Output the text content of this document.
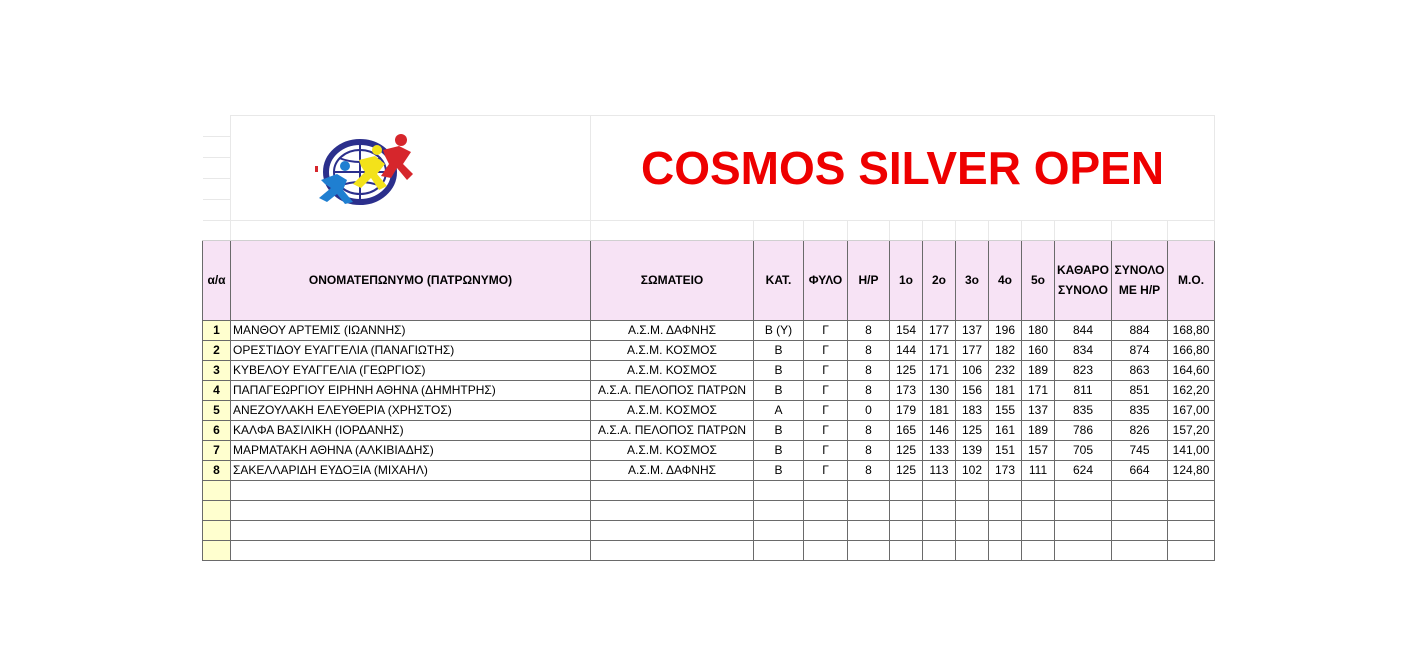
	COSMOS SILVER OPEN											

α/α	ΟΝΟΜΑΤΕΠΩΝΥΜΟ (ΠΑΤΡΩΝΥΜΟ)	ΣΩΜΑΤΕΙΟ	ΚΑΤ.	ΦΥΛΟ	Η/Ρ	1ο	2ο	3ο	4ο	5ο	ΚΑΘΑΡΟ ΣΥΝΟΛΟ	ΣΥΝΟΛΟ ΜΕ Η/Ρ	Μ.Ο.
1	ΜΑΝΘΟΥ ΑΡΤΕΜΙΣ (ΙΩΑΝΝΗΣ)	Α.Σ.Μ. ΔΑΦΝΗΣ	Β (Υ)	Γ	8	154	177	137	196	180	844	884	168,80
2	ΟΡΕΣΤΙΔΟΥ ΕΥΑΓΓΕΛΙΑ (ΠΑΝΑΓΙΩΤΗΣ)	Α.Σ.Μ. ΚΟΣΜΟΣ	Β	Γ	8	144	171	177	182	160	834	874	166,80
3	ΚΥΒΕΛΟΥ ΕΥΑΓΓΕΛΙΑ (ΓΕΩΡΓΙΟΣ)	Α.Σ.Μ. ΚΟΣΜΟΣ	Β	Γ	8	125	171	106	232	189	823	863	164,60
4	ΠΑΠΑΓΕΩΡΓΙΟΥ ΕΙΡΗΝΗ ΑΘΗΝΑ (ΔΗΜΗΤΡΗΣ)	Α.Σ.Α. ΠΕΛΟΠΟΣ ΠΑΤΡΩΝ	Β	Γ	8	173	130	156	181	171	811	851	162,20
5	ΑΝΕΖΟΥΛΑΚΗ ΕΛΕΥΘΕΡΙΑ (ΧΡΗΣΤΟΣ)	Α.Σ.Μ. ΚΟΣΜΟΣ	Α	Γ	0	179	181	183	155	137	835	835	167,00
6	ΚΑΛΦΑ ΒΑΣΙΛΙΚΗ (ΙΟΡΔΑΝΗΣ)	Α.Σ.Α. ΠΕΛΟΠΟΣ ΠΑΤΡΩΝ	Β	Γ	8	165	146	125	161	189	786	826	157,20
7	ΜΑΡΜΑΤΑΚΗ ΑΘΗΝΑ (ΑΛΚΙΒΙΑΔΗΣ)	Α.Σ.Μ. ΚΟΣΜΟΣ	Β	Γ	8	125	133	139	151	157	705	745	141,00
8	ΣΑΚΕΛΛΑΡΙΔΗ ΕΥΔΟΞΙΑ (ΜΙΧΑΗΛ)	Α.Σ.Μ. ΔΑΦΝΗΣ	Β	Γ	8	125	113	102	173	111	624	664	124,80
